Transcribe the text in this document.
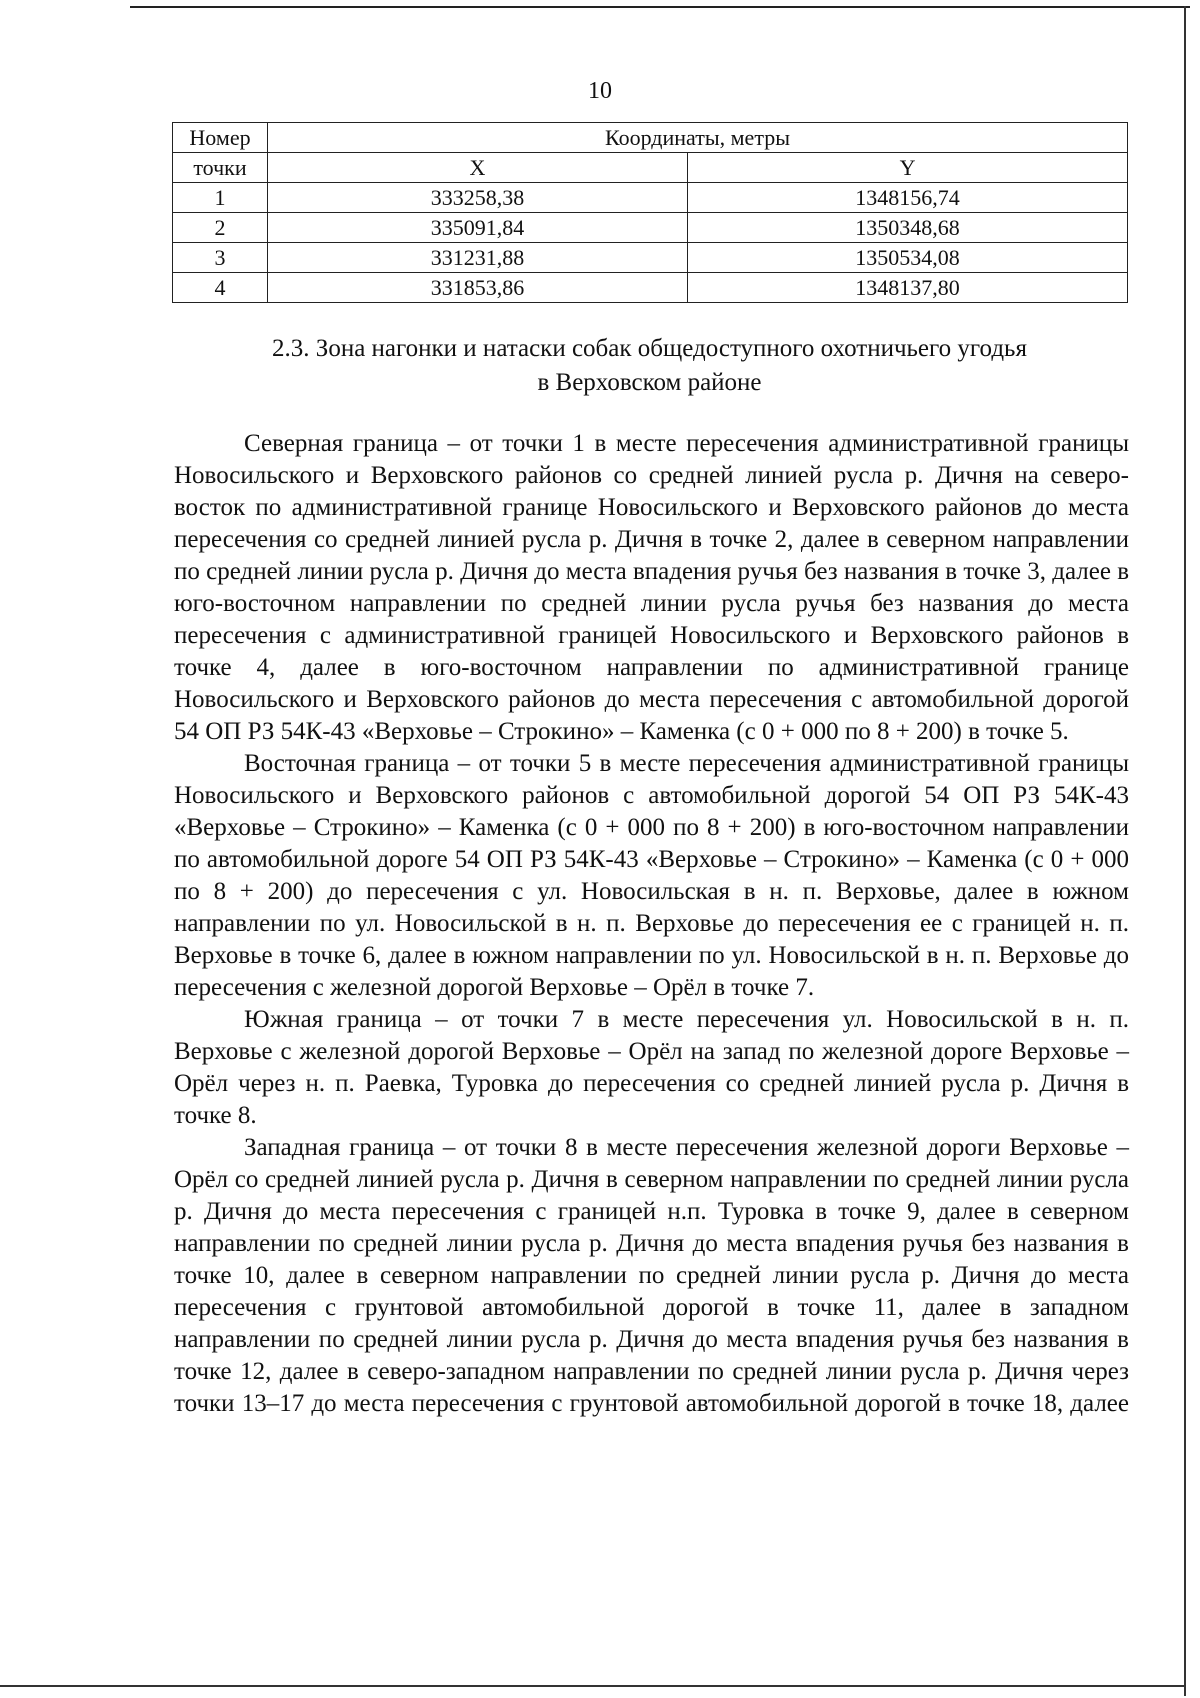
10
Номер	Координаты, метры	
точки	X	Y
1	333258,38	1348156,74
2	335091,84	1350348,68
3	331231,88	1350534,08
4	331853,86	1348137,80
2.3. Зона нагонки и натаски собак общедоступного охотничьего угодья
в Верховском районе

Северная граница – от точки 1 в месте пересечения административной границы Новосильского и Верховского районов со средней линией русла р. Дичня на северо-восток по административной границе Новосильского и Верховского районов до места пересечения со средней линией русла р. Дичня в точке 2, далее в северном направлении по средней линии русла р. Дичня до места впадения ручья без названия в точке 3, далее в юго-восточном направлении по средней линии русла ручья без названия до места пересечения с административной границей Новосильского и Верховского районов в точке 4, далее в юго-восточном направлении по административной границе Новосильского и Верховского районов до места пересечения с автомобильной дорогой 54 ОП РЗ 54К-43 «Верховье – Строкино» – Каменка (с 0 + 000 по 8 + 200) в точке 5.

Восточная граница – от точки 5 в месте пересечения административной границы Новосильского и Верховского районов с автомобильной дорогой 54 ОП РЗ 54К-43 «Верховье – Строкино» – Каменка (с 0 + 000 по 8 + 200) в юго-восточном направлении по автомобильной дороге 54 ОП РЗ 54К-43 «Верховье – Строкино» – Каменка (с 0 + 000 по 8 + 200) до пересечения с ул. Новосильская в н. п. Верховье, далее в южном направлении по ул. Новосильской в н. п. Верховье до пересечения ее с границей н. п. Верховье в точке 6, далее в южном направлении по ул. Новосильской в н. п. Верховье до пересечения с железной дорогой Верховье – Орёл в точке 7.

Южная граница – от точки 7 в месте пересечения ул. Новосильской в н. п. Верховье с железной дорогой Верховье – Орёл на запад по железной дороге Верховье – Орёл через н. п. Раевка, Туровка до пересечения со средней линией русла р. Дичня в точке 8.

Западная граница – от точки 8 в месте пересечения железной дороги Верховье – Орёл со средней линией русла р. Дичня в северном направлении по средней линии русла р. Дичня до места пересечения с границей н.п. Туровка в точке 9, далее в северном направлении по средней линии русла р. Дичня до места впадения ручья без названия в точке 10, далее в северном направлении по средней линии русла р. Дичня до места пересечения с грунтовой автомобильной дорогой в точке 11, далее в западном направлении по средней линии русла р. Дичня до места впадения ручья без названия в точке 12, далее в северо-западном направлении по средней линии русла р. Дичня через точки 13–17 до места пересечения с грунтовой автомобильной дорогой в точке 18, далее
